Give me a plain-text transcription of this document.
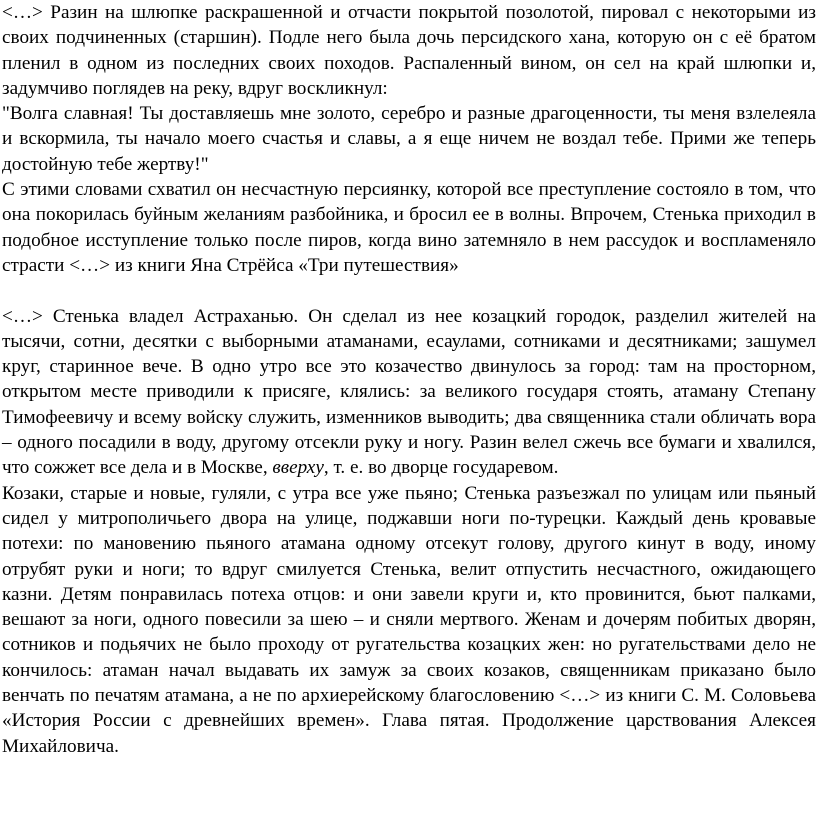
<…> Разин на шлюпке раскрашенной и отчасти покрытой позолотой, пировал с некоторыми из своих подчиненных (старшин). Подле него была дочь персидского хана, которую он с её братом пленил в одном из последних своих походов. Распаленный вином, он сел на край шлюпки и, задумчиво поглядев на реку, вдруг воскликнул:

"Волга славная! Ты доставляешь мне золото, серебро и разные драгоценности, ты меня взлелеяла и вскормила, ты начало моего счастья и славы, а я еще ничем не воздал тебе. Прими же теперь достойную тебе жертву!"

С этими словами схватил он несчастную персиянку, которой все преступление состояло в том, что она покорилась буйным желаниям разбойника, и бросил ее в волны. Впрочем, Стенька приходил в подобное исступление только после пиров, когда вино затемняло в нем рассудок и воспламеняло страсти <…> из книги Яна Стрёйса «Три путешествия»

<…> Стенька владел Астраханью. Он сделал из нее козацкий городок, разделил жителей на тысячи, сотни, десятки с выборными атаманами, есаулами, сотниками и десятниками; зашумел круг, старинное вече. В одно утро все это козачество двинулось за город: там на просторном, открытом месте приводили к присяге, клялись: за великого государя стоять, атаману Степану Тимофеевичу и всему войску служить, изменников выводить; два священника стали обличать вора – одного посадили в воду, другому отсекли руку и ногу. Разин велел сжечь все бумаги и хвалился, что сожжет все дела и в Москве, вверху, т. е. во дворце государевом.

Козаки, старые и новые, гуляли, с утра все уже пьяно; Стенька разъезжал по улицам или пьяный сидел у митрополичьего двора на улице, поджавши ноги по-турецки. Каждый день кровавые потехи: по мановению пьяного атамана одному отсекут голову, другого кинут в воду, иному отрубят руки и ноги; то вдруг смилуется Стенька, велит отпустить несчастного, ожидающего казни. Детям понравилась потеха отцов: и они завели круги и, кто провинится, бьют палками, вешают за ноги, одного повесили за шею – и сняли мертвого. Женам и дочерям побитых дворян, сотников и подьячих не было проходу от ругательства козацких жен: но ругательствами дело не кончилось: атаман начал выдавать их замуж за своих козаков, священникам приказано было венчать по печатям атамана, а не по архиерейскому благословению <…> из книги С. М. Соловьева «История России с древнейших времен». Глава пятая. Продолжение царствования Алексея Михайловича.
